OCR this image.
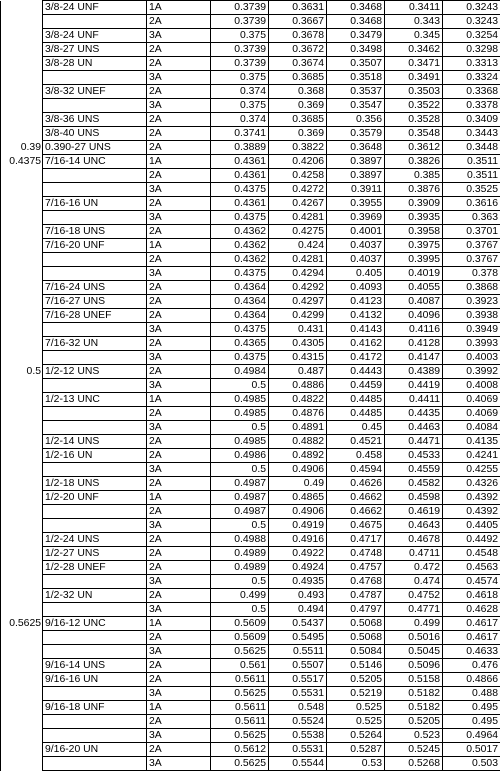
	3/8-24 UNF	1A	0.3739	0.3631	0.3468	0.3411	0.3243
		2A	0.3739	0.3667	0.3468	0.343	0.3243
	3/8-24 UNF	3A	0.375	0.3678	0.3479	0.345	0.3254
	3/8-27 UNS	2A	0.3739	0.3672	0.3498	0.3462	0.3298
	3/8-28 UN	2A	0.3739	0.3674	0.3507	0.3471	0.3313
		3A	0.375	0.3685	0.3518	0.3491	0.3324
	3/8-32 UNEF	2A	0.374	0.368	0.3537	0.3503	0.3368
		3A	0.375	0.369	0.3547	0.3522	0.3378
	3/8-36 UNS	2A	0.374	0.3685	0.356	0.3528	0.3409
	3/8-40 UNS	2A	0.3741	0.369	0.3579	0.3548	0.3443
0.39	0.390-27 UNS	2A	0.3889	0.3822	0.3648	0.3612	0.3448
0.4375	7/16-14 UNC	1A	0.4361	0.4206	0.3897	0.3826	0.3511
		2A	0.4361	0.4258	0.3897	0.385	0.3511
		3A	0.4375	0.4272	0.3911	0.3876	0.3525
	7/16-16 UN	2A	0.4361	0.4267	0.3955	0.3909	0.3616
		3A	0.4375	0.4281	0.3969	0.3935	0.363
	7/16-18 UNS	2A	0.4362	0.4275	0.4001	0.3958	0.3701
	7/16-20 UNF	1A	0.4362	0.424	0.4037	0.3975	0.3767
		2A	0.4362	0.4281	0.4037	0.3995	0.3767
		3A	0.4375	0.4294	0.405	0.4019	0.378
	7/16-24 UNS	2A	0.4364	0.4292	0.4093	0.4055	0.3868
	7/16-27 UNS	2A	0.4364	0.4297	0.4123	0.4087	0.3923
	7/16-28 UNEF	2A	0.4364	0.4299	0.4132	0.4096	0.3938
		3A	0.4375	0.431	0.4143	0.4116	0.3949
	7/16-32 UN	2A	0.4365	0.4305	0.4162	0.4128	0.3993
		3A	0.4375	0.4315	0.4172	0.4147	0.4003
0.5	1/2-12 UNS	2A	0.4984	0.487	0.4443	0.4389	0.3992
		3A	0.5	0.4886	0.4459	0.4419	0.4008
	1/2-13 UNC	1A	0.4985	0.4822	0.4485	0.4411	0.4069
		2A	0.4985	0.4876	0.4485	0.4435	0.4069
		3A	0.5	0.4891	0.45	0.4463	0.4084
	1/2-14 UNS	2A	0.4985	0.4882	0.4521	0.4471	0.4135
	1/2-16 UN	2A	0.4986	0.4892	0.458	0.4533	0.4241
		3A	0.5	0.4906	0.4594	0.4559	0.4255
	1/2-18 UNS	2A	0.4987	0.49	0.4626	0.4582	0.4326
	1/2-20 UNF	1A	0.4987	0.4865	0.4662	0.4598	0.4392
		2A	0.4987	0.4906	0.4662	0.4619	0.4392
		3A	0.5	0.4919	0.4675	0.4643	0.4405
	1/2-24 UNS	2A	0.4988	0.4916	0.4717	0.4678	0.4492
	1/2-27 UNS	2A	0.4989	0.4922	0.4748	0.4711	0.4548
	1/2-28 UNEF	2A	0.4989	0.4924	0.4757	0.472	0.4563
		3A	0.5	0.4935	0.4768	0.474	0.4574
	1/2-32 UN	2A	0.499	0.493	0.4787	0.4752	0.4618
		3A	0.5	0.494	0.4797	0.4771	0.4628
0.5625	9/16-12 UNC	1A	0.5609	0.5437	0.5068	0.499	0.4617
		2A	0.5609	0.5495	0.5068	0.5016	0.4617
		3A	0.5625	0.5511	0.5084	0.5045	0.4633
	9/16-14 UNS	2A	0.561	0.5507	0.5146	0.5096	0.476
	9/16-16 UN	2A	0.5611	0.5517	0.5205	0.5158	0.4866
		3A	0.5625	0.5531	0.5219	0.5182	0.488
	9/16-18 UNF	1A	0.5611	0.548	0.525	0.5182	0.495
		2A	0.5611	0.5524	0.525	0.5205	0.495
		3A	0.5625	0.5538	0.5264	0.523	0.4964
	9/16-20 UN	2A	0.5612	0.5531	0.5287	0.5245	0.5017
		3A	0.5625	0.5544	0.53	0.5268	0.503
